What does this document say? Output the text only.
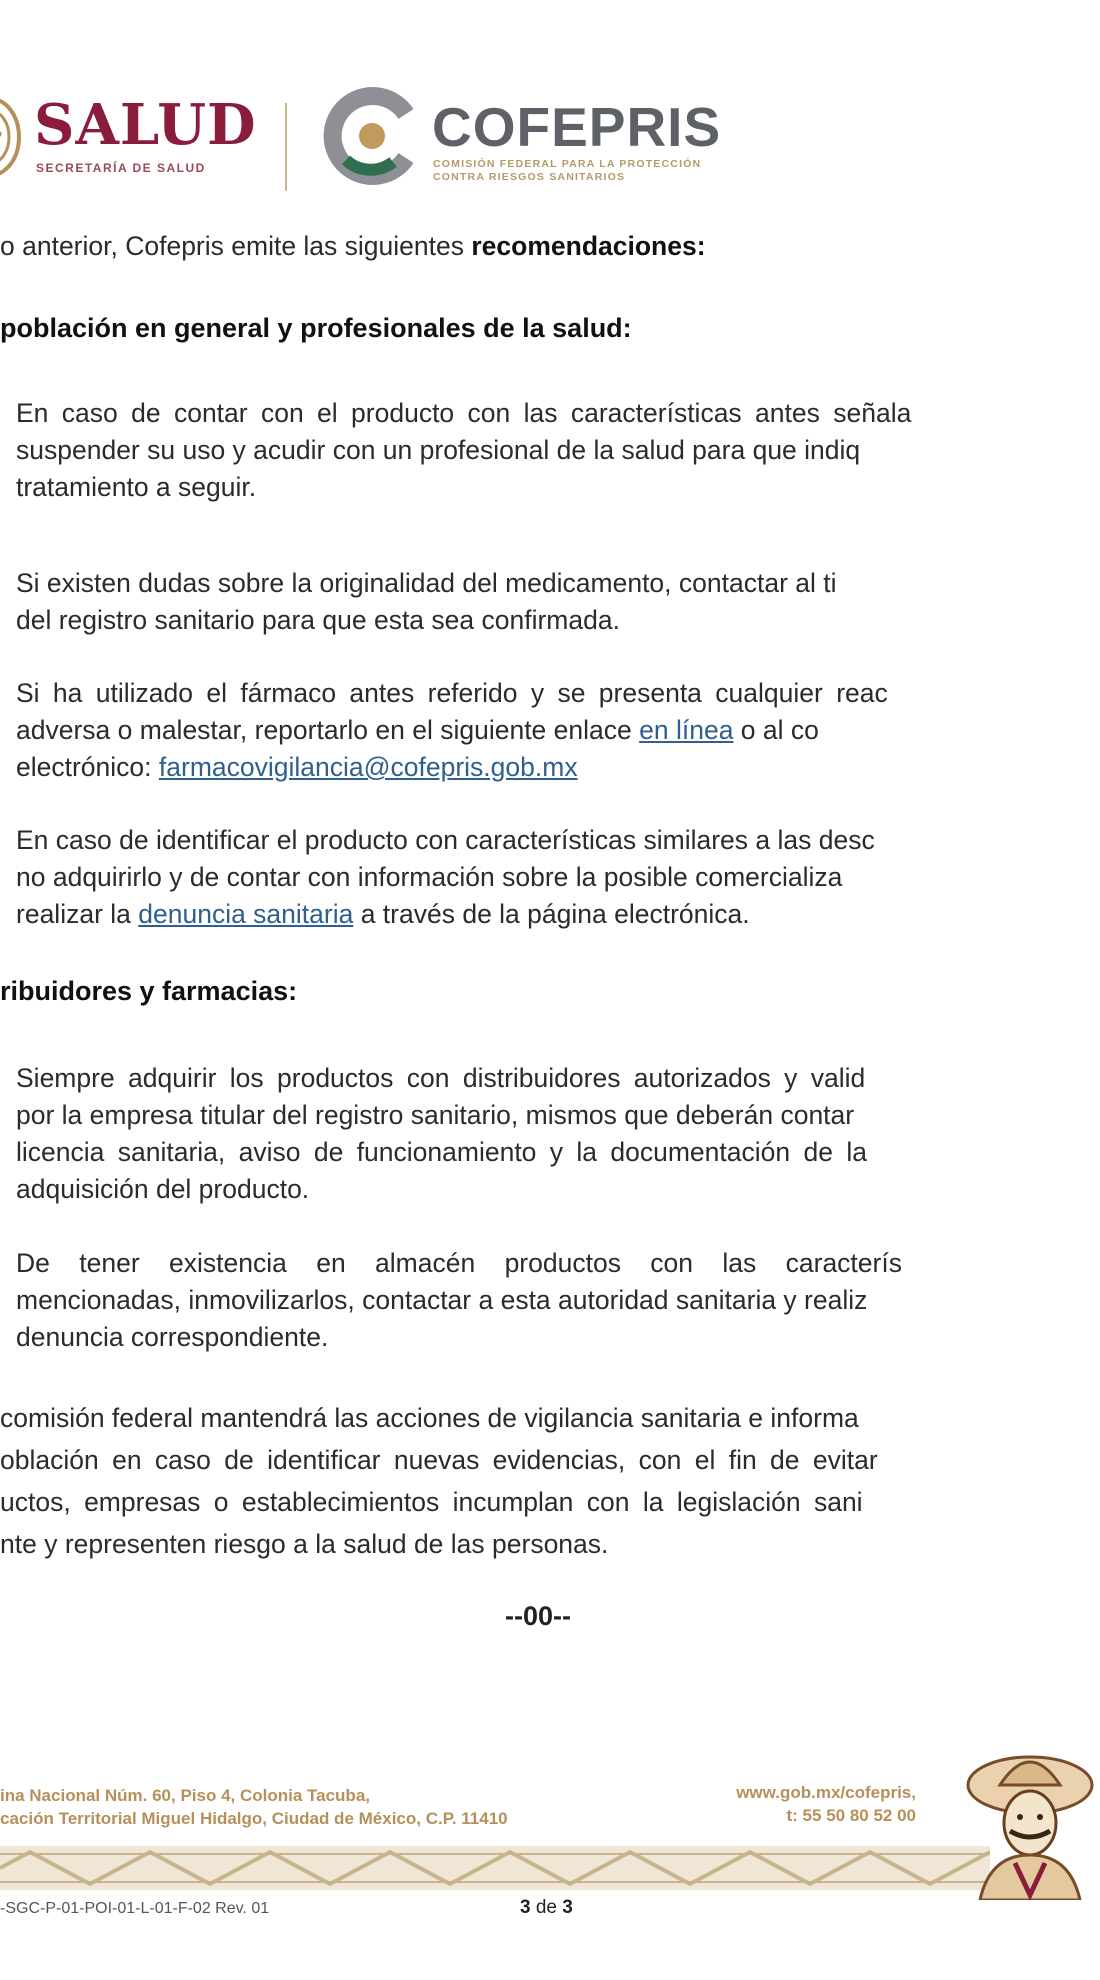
SALUD
SECRETARÍA DE SALUD
COFEPRIS
COMISIÓN FEDERAL PARA LA PROTECCIÓN
CONTRA RIESGOS SANITARIOS
o anterior, Cofepris emite las siguientes recomendaciones:
población en general y profesionales de la salud:
En caso de contar con el producto con las características antes señala
suspender su uso y acudir con un profesional de la salud para que indiq
tratamiento a seguir.
Si existen dudas sobre la originalidad del medicamento, contactar al ti
del registro sanitario para que esta sea confirmada.
Si ha utilizado el fármaco antes referido y se presenta cualquier reac
adversa o malestar, reportarlo en el siguiente enlace en línea o al co
electrónico: farmacovigilancia@cofepris.gob.mx
En caso de identificar el producto con características similares a las desc
no adquirirlo y de contar con información sobre la posible comercializa
realizar la denuncia sanitaria a través de la página electrónica.
ribuidores y farmacias:
Siempre adquirir los productos con distribuidores autorizados y valid
por la empresa titular del registro sanitario, mismos que deberán contar
licencia sanitaria, aviso de funcionamiento y la documentación de la
adquisición del producto.
De tener existencia en almacén productos con las caracterís
mencionadas, inmovilizarlos, contactar a esta autoridad sanitaria y realiz
denuncia correspondiente.
comisión federal mantendrá las acciones de vigilancia sanitaria e informa
oblación en caso de identificar nuevas evidencias, con el fin de evitar
uctos, empresas o establecimientos incumplan con la legislación sani
nte y representen riesgo a la salud de las personas.
--00--
ina Nacional Núm. 60, Piso 4, Colonia Tacuba,
cación Territorial Miguel Hidalgo, Ciudad de México, C.P. 11410
www.gob.mx/cofepris,
t: 55 50 80 52 00
-SGC-P-01-POI-01-L-01-F-02 Rev. 01	3 de 3
